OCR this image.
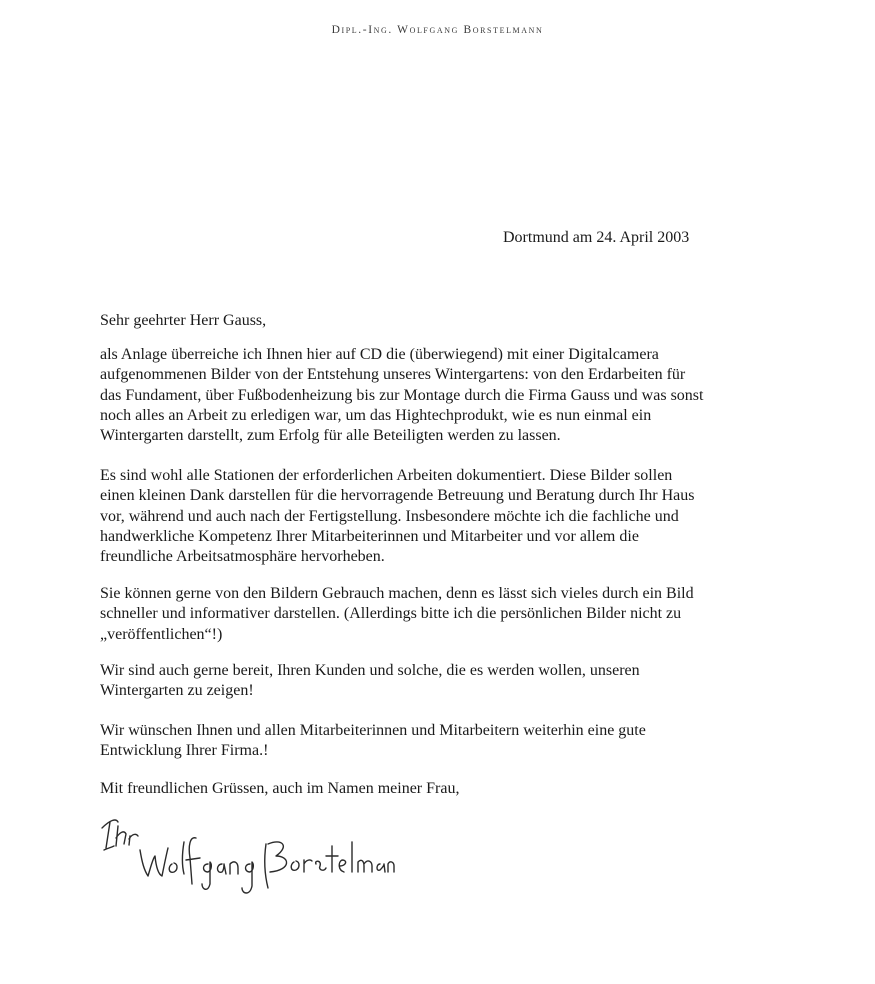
Dipl.-Ing. Wolfgang Borstelmann
Dortmund am 24. April 2003
Sehr geehrter Herr Gauss,
als Anlage überreiche ich Ihnen hier auf CD die (überwiegend) mit einer Digitalcamera
aufgenommenen Bilder von der Entstehung unseres Wintergartens: von den Erdarbeiten für
das Fundament, über Fußbodenheizung bis zur Montage durch die Firma Gauss und was sonst
noch alles an Arbeit zu erledigen war, um das Hightechprodukt, wie es nun einmal ein
Wintergarten darstellt, zum Erfolg für alle Beteiligten werden zu lassen.
Es sind wohl alle Stationen der erforderlichen Arbeiten dokumentiert. Diese Bilder sollen
einen kleinen Dank darstellen für die hervorragende Betreuung und Beratung durch Ihr Haus
vor, während und auch nach der Fertigstellung. Insbesondere möchte ich die fachliche und
handwerkliche Kompetenz Ihrer Mitarbeiterinnen und Mitarbeiter und vor allem die
freundliche Arbeitsatmosphäre hervorheben.
Sie können gerne von den Bildern Gebrauch machen, denn es lässt sich vieles durch ein Bild
schneller und informativer darstellen. (Allerdings bitte ich die persönlichen Bilder nicht zu
„veröffentlichen“!)
Wir sind auch gerne bereit, Ihren Kunden und solche, die es werden wollen, unseren
Wintergarten zu zeigen!
Wir wünschen Ihnen und allen Mitarbeiterinnen und Mitarbeitern weiterhin eine gute
Entwicklung Ihrer Firma.!
Mit freundlichen Grüssen, auch im Namen meiner Frau,
